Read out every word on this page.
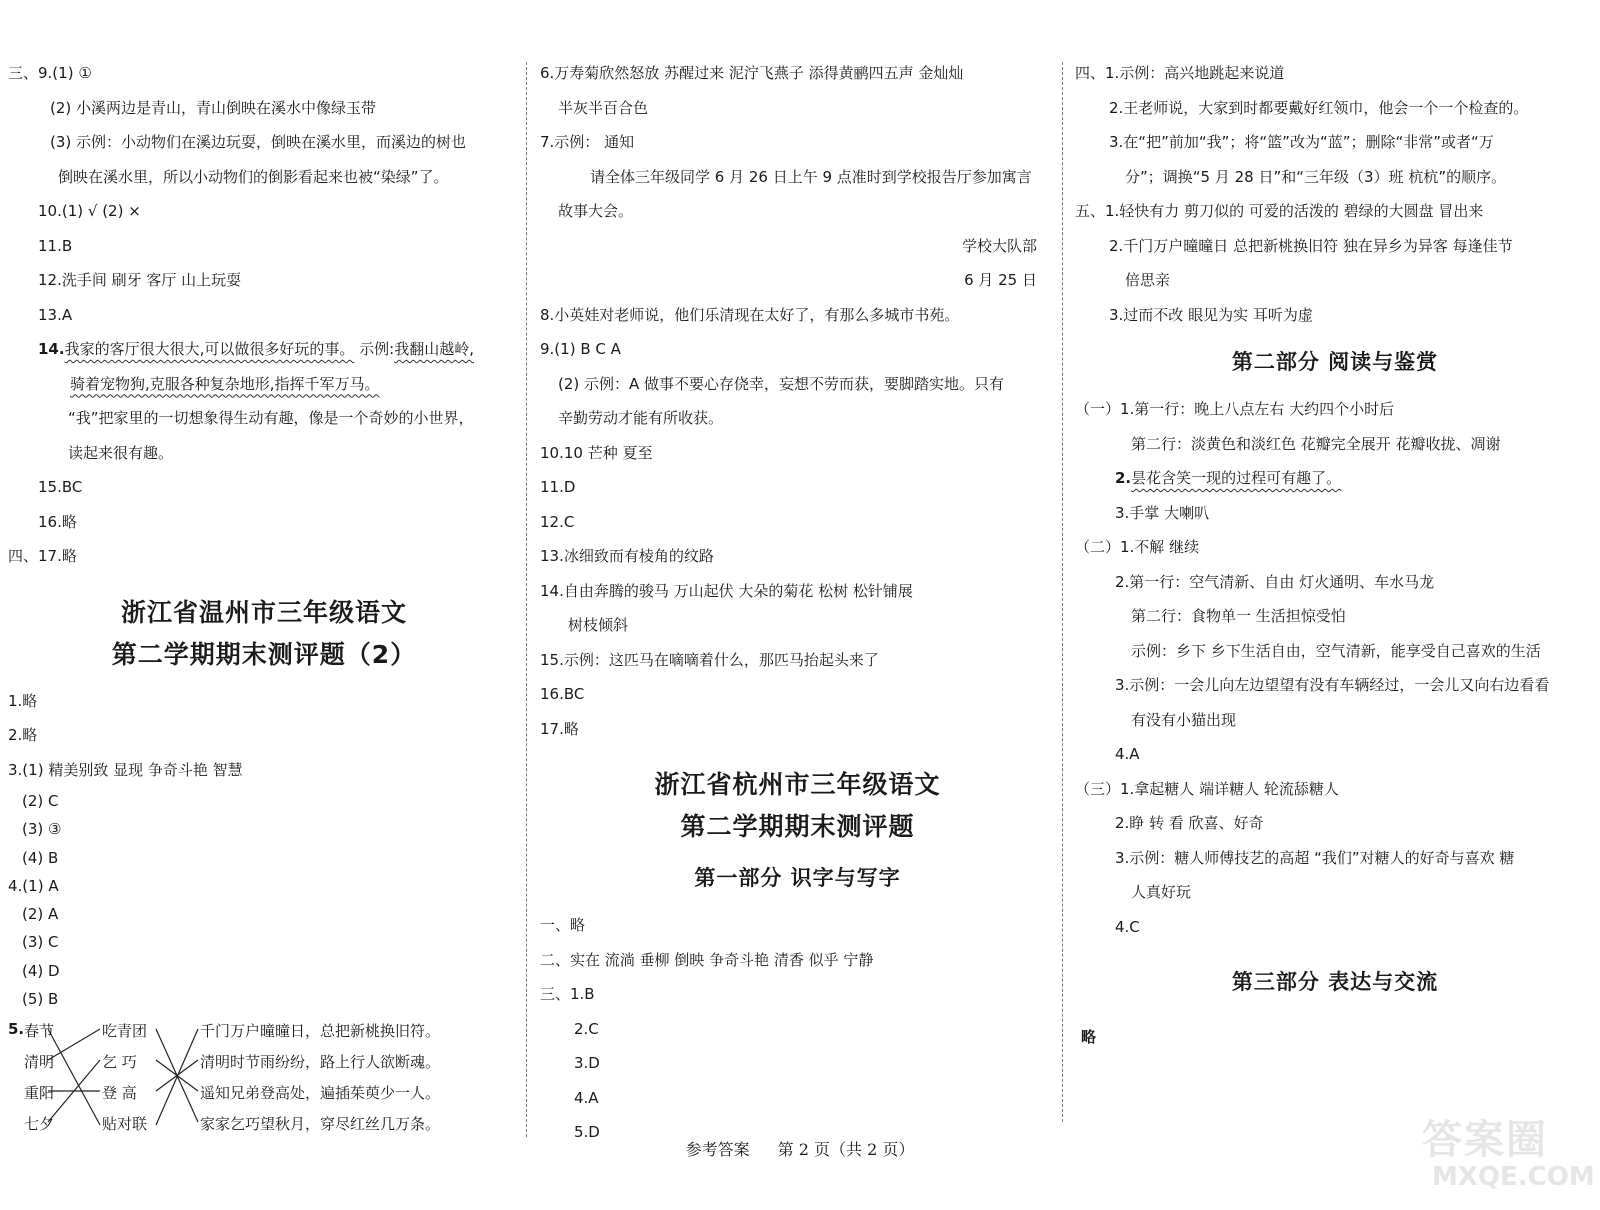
三、9.(1) ①
(2) 小溪两边是青山，青山倒映在溪水中像绿玉带
(3) 示例：小动物们在溪边玩耍，倒映在溪水里，而溪边的树也
倒映在溪水里，所以小动物们的倒影看起来也被“染绿”了。
10.(1) √ (2) ×
11.B
12.洗手间 刷牙 客厅 山上玩耍
13.A
14.我家的客厅很大很大,可以做很多好玩的事。 示例:我翻山越岭,
骑着宠物狗,克服各种复杂地形,指挥千军万马。
“我”把家里的一切想象得生动有趣，像是一个奇妙的小世界，
读起来很有趣。
15.BC
16.略
四、17.略
浙江省温州市三年级语文
第二学期期末测评题（2）
1.略
2.略
3.(1) 精美别致 显现 争奇斗艳 智慧
(2) C
(3) ③
(4) B
4.(1) A
(2) A
(3) C
(4) D
(5) B
5. 春节
清明
重阳
七夕
吃青团
乞 巧
登 高
贴对联
千门万户曈曈日，总把新桃换旧符。
清明时节雨纷纷，路上行人欲断魂。
遥知兄弟登高处，遍插茱萸少一人。
家家乞巧望秋月，穿尽红丝几万条。
6.万寿菊欣然怒放 苏醒过来 泥泞飞燕子 添得黄鹂四五声 金灿灿
半灰半百合色
7.示例： 通知
请全体三年级同学 6 月 26 日上午 9 点准时到学校报告厅参加寓言
故事大会。
学校大队部
6 月 25 日
8.小英娃对老师说，他们乐清现在太好了，有那么多城市书苑。
9.(1) B C A
(2) 示例：A 做事不要心存侥幸，妄想不劳而获，要脚踏实地。只有
辛勤劳动才能有所收获。
10.10 芒种 夏至
11.D
12.C
13.冰细致而有棱角的纹路
14.自由奔腾的骏马 万山起伏 大朵的菊花 松树 松针铺展
树枝倾斜
15.示例：这匹马在嘀嘀着什么，那匹马抬起头来了
16.BC
17.略
浙江省杭州市三年级语文
第二学期期末测评题
第一部分 识字与写字
一、略
二、实在 流淌 垂柳 倒映 争奇斗艳 清香 似乎 宁静
三、1.B
2.C
3.D
4.A
5.D
四、1.示例：高兴地跳起来说道
2.王老师说，大家到时都要戴好红领巾，他会一个一个检查的。
3.在“把”前加“我”；将“篮”改为“蓝”；删除“非常”或者“万
分”；调换“5 月 28 日”和“三年级（3）班 杭杭”的顺序。
五、1.轻快有力 剪刀似的 可爱的活泼的 碧绿的大圆盘 冒出来
2.千门万户曈曈日 总把新桃换旧符 独在异乡为异客 每逢佳节
倍思亲
3.过而不改 眼见为实 耳听为虚
第二部分 阅读与鉴赏
（一）1.第一行：晚上八点左右 大约四个小时后
第二行：淡黄色和淡红色 花瓣完全展开 花瓣收拢、凋谢
2.昙花含笑一现的过程可有趣了。
3.手掌 大喇叭
（二）1.不解 继续
2.第一行：空气清新、自由 灯火通明、车水马龙
第二行：食物单一 生活担惊受怕
示例：乡下 乡下生活自由，空气清新，能享受自己喜欢的生活
3.示例：一会儿向左边望望有没有车辆经过，一会儿又向右边看看
有没有小猫出现
4.A
（三）1.拿起糖人 端详糖人 轮流舔糖人
2.睁 转 看 欣喜、好奇
3.示例：糖人师傅技艺的高超 “我们”对糖人的好奇与喜欢 糖
人真好玩
4.C
第三部分 表达与交流
略
参考答案 第 2 页（共 2 页）	答案圈
MXQE.COM
